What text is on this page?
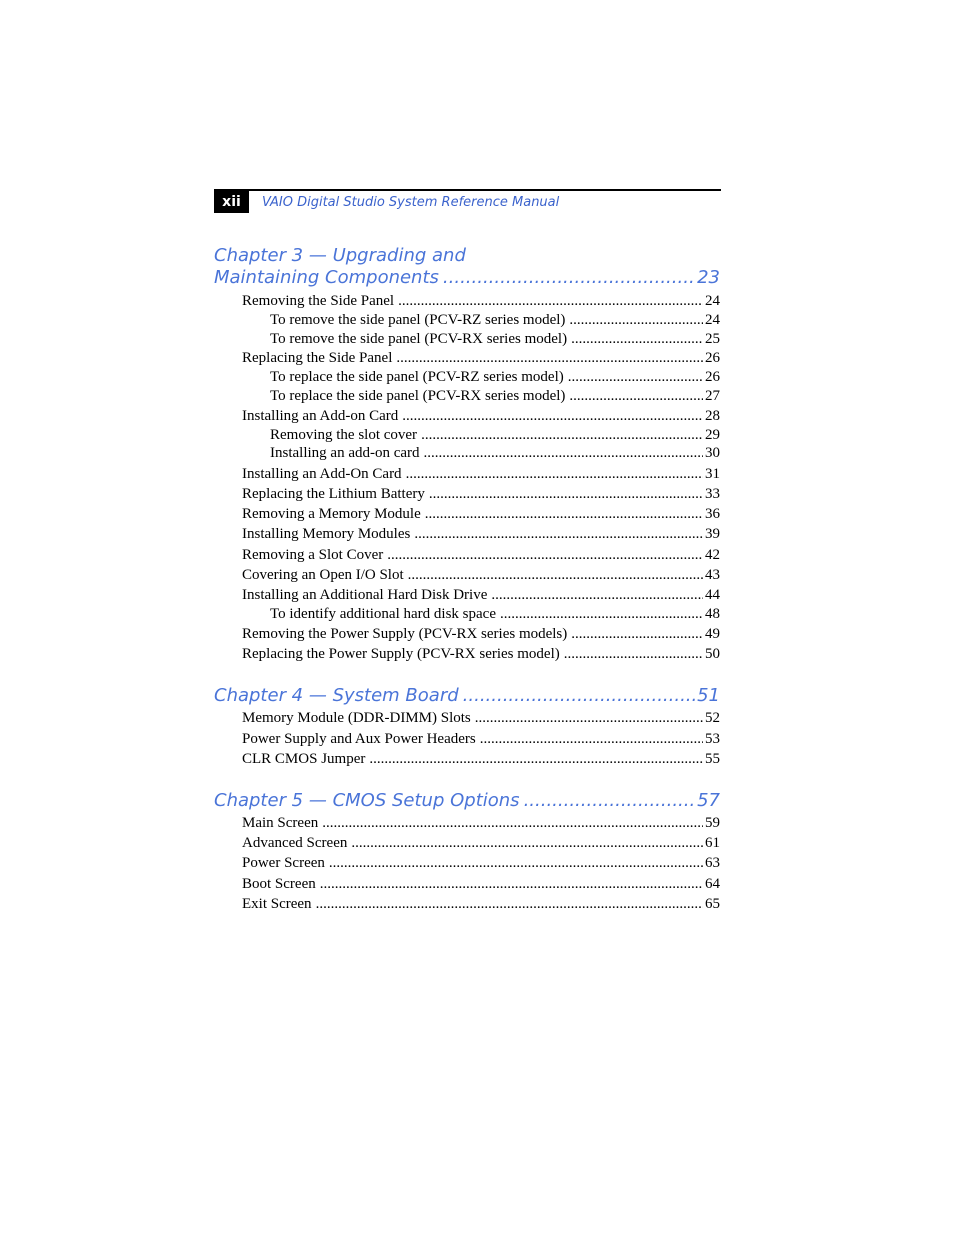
xii	VAIO Digital Studio System Reference Manual
Chapter 3 — Upgrading and
Maintaining Components .....	23
Removing the Side Panel .....	24
To remove the side panel (PCV-RZ series model) .....	24
To remove the side panel (PCV-RX series model) .....	25
Replacing the Side Panel .....	26
To replace the side panel (PCV-RZ series model) .....	26
To replace the side panel (PCV-RX series model) .....	27
Installing an Add-on Card .....	28
Removing the slot cover .....	29
Installing an add-on card .....	30
Installing an Add-On Card .....	31
Replacing the Lithium Battery .....	33
Removing a Memory Module .....	36
Installing Memory Modules .....	39
Removing a Slot Cover .....	42
Covering an Open I/O Slot .....	43
Installing an Additional Hard Disk Drive .....	44
To identify additional hard disk space .....	48
Removing the Power Supply (PCV-RX series models) .....	49
Replacing the Power Supply (PCV-RX series model) .....	50
Chapter 4 — System Board .....	51
Memory Module (DDR-DIMM) Slots .....	52
Power Supply and Aux Power Headers .....	53
CLR CMOS Jumper .....	55
Chapter 5 — CMOS Setup Options .....	57
Main Screen .....	59
Advanced Screen .....	61
Power Screen .....	63
Boot Screen .....	64
Exit Screen .....	65
